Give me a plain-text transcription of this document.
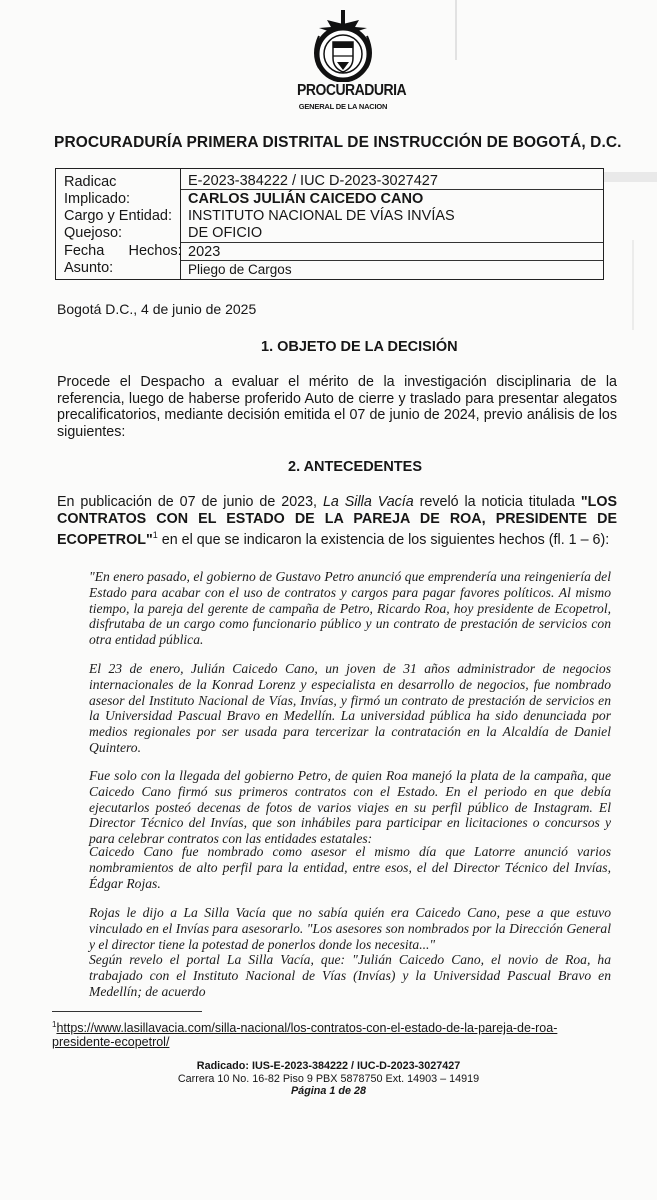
PROCURADURIA
GENERAL DE LA NACION
PROCURADURÍA PRIMERA DISTRITAL DE INSTRUCCIÓN DE BOGOTÁ, D.C.
Radicac
Implicado:
Cargo y Entidad:
Quejoso:
Fecha      Hechos:
Asunto:
E-2023-384222 / IUC D-2023-3027427
CARLOS JULIÁN CAICEDO CANO
INSTITUTO NACIONAL DE VÍAS INVÍAS
DE OFICIO
2023
Pliego de Cargos
Bogotá D.C., 4 de junio de 2025
1. OBJETO DE LA DECISIÓN
Procede el Despacho a evaluar el mérito de la investigación disciplinaria de la referencia, luego de haberse proferido Auto de cierre y traslado para presentar alegatos precalificatorios, mediante decisión emitida el 07 de junio de 2024, previo análisis de los siguientes:
2. ANTECEDENTES
En publicación de 07 de junio de 2023, La Silla Vacía reveló la noticia titulada "LOS CONTRATOS CON EL ESTADO DE LA PAREJA DE ROA, PRESIDENTE DE ECOPETROL"$^1$ en el que se indicaron la existencia de los siguientes hechos (fl. 1 – 6):
"En enero pasado, el gobierno de Gustavo Petro anunció que emprendería una reingeniería del Estado para acabar con el uso de contratos y cargos para pagar favores políticos. Al mismo tiempo, la pareja del gerente de campaña de Petro, Ricardo Roa, hoy presidente de Ecopetrol, disfrutaba de un cargo como funcionario público y un contrato de prestación de servicios con otra entidad pública.
El 23 de enero, Julián Caicedo Cano, un joven de 31 años administrador de negocios internacionales de la Konrad Lorenz y especialista en desarrollo de negocios, fue nombrado asesor del Instituto Nacional de Vías, Invías, y firmó un contrato de prestación de servicios en la Universidad Pascual Bravo en Medellín. La universidad pública ha sido denunciada por medios regionales por ser usada para tercerizar la contratación en la Alcaldía de Daniel Quintero.
Fue solo con la llegada del gobierno Petro, de quien Roa manejó la plata de la campaña, que Caicedo Cano firmó sus primeros contratos con el Estado. En el periodo en que debía ejecutarlos posteó decenas de fotos de varios viajes en su perfil público de Instagram. El Director Técnico del Invías, que son inhábiles para participar en licitaciones o concursos y para celebrar contratos con las entidades estatales:
Caicedo Cano fue nombrado como asesor el mismo día que Latorre anunció varios nombramientos de alto perfil para la entidad, entre esos, el del Director Técnico del Invías, Édgar Rojas.
Rojas le dijo a La Silla Vacía que no sabía quién era Caicedo Cano, pese a que estuvo vinculado en el Invías para asesorarlo. "Los asesores son nombrados por la Dirección General y el director tiene la potestad de ponerlos donde los necesita..."
Según revelo el portal La Silla Vacía, que: "Julián Caicedo Cano, el novio de Roa, ha trabajado con el Instituto Nacional de Vías (Invías) y la Universidad Pascual Bravo en Medellín; de acuerdo
$^1$https://www.lasillavacia.com/silla-nacional/los-contratos-con-el-estado-de-la-pareja-de-roa-presidente-ecopetrol/
Radicado: IUS-E-2023-384222 / IUC-D-2023-3027427
Carrera 10 No. 16-82 Piso 9 PBX 5878750 Ext. 14903 – 14919
Página 1 de 28
